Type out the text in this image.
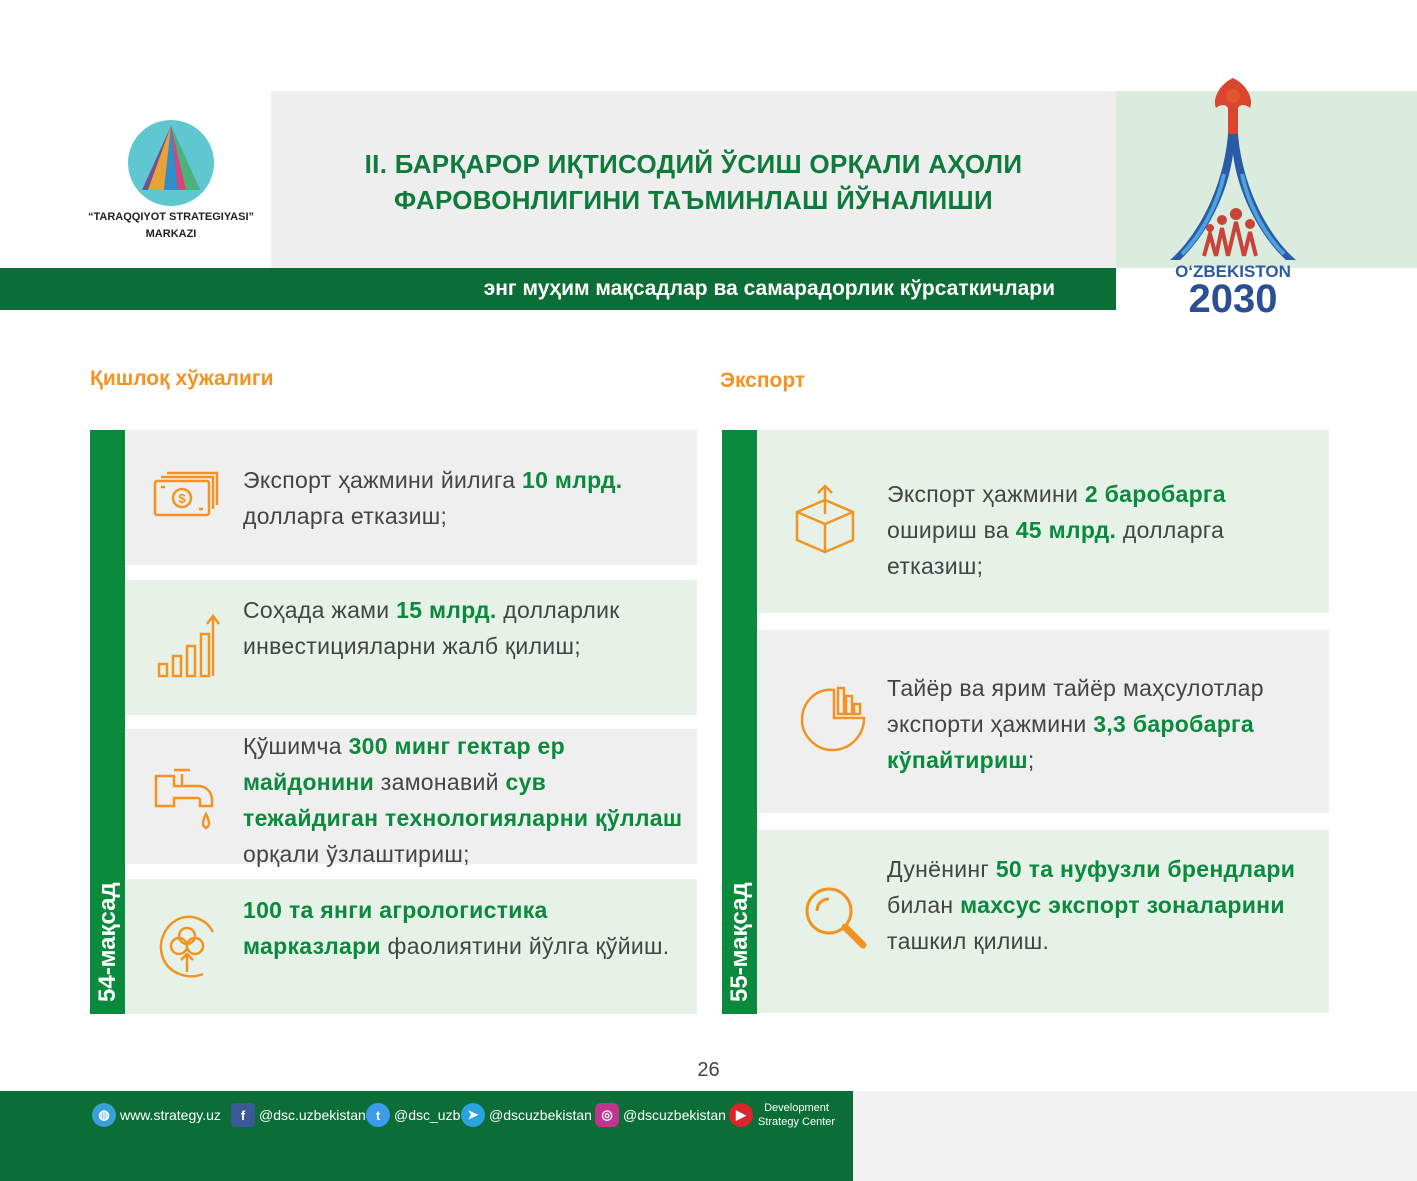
“TARAQQIYOT STRATEGIYASI”
MARKAZI
II. БАРҚАРОР ИҚТИСОДИЙ ЎСИШ ОРҚАЛИ АҲОЛИ
ФАРОВОНЛИГИНИ ТАЪМИНЛАШ ЙЎНАЛИШИ
энг муҳим мақсадлар ва самарадорлик кўрсаткичлари
O‘ZBEKISTON
2030
Қишлоқ хўжалиги	Экспорт
54-мақсад
$
Экспорт ҳажмини йилига 10 млрд. долларга етказиш;
Соҳада жами 15 млрд. долларлик инвестицияларни жалб қилиш;
Қўшимча 300 минг гектар ер майдонини замонавий сув тежайдиган технологияларни қўллаш орқали ўзлаштириш;
100 та янги агрологистика марказлари фаолиятини йўлга қўйиш.	55-мақсад
Экспорт ҳажмини 2 баробарга ошириш ва 45 млрд. долларга етказиш;
Тайёр ва ярим тайёр маҳсулотлар экспорти ҳажмини 3,3 баробарга кўпайтириш;
Дунёнинг 50 та нуфузли брендлари билан махсус экспорт зоналарини ташкил қилиш.
26
◍ www.strategy.uz	f @dsc.uzbekistan t @dsc_uzb ➤ @dscuzbekistan ◎ @dscuzbekistan ▶	Development
Strategy Center
